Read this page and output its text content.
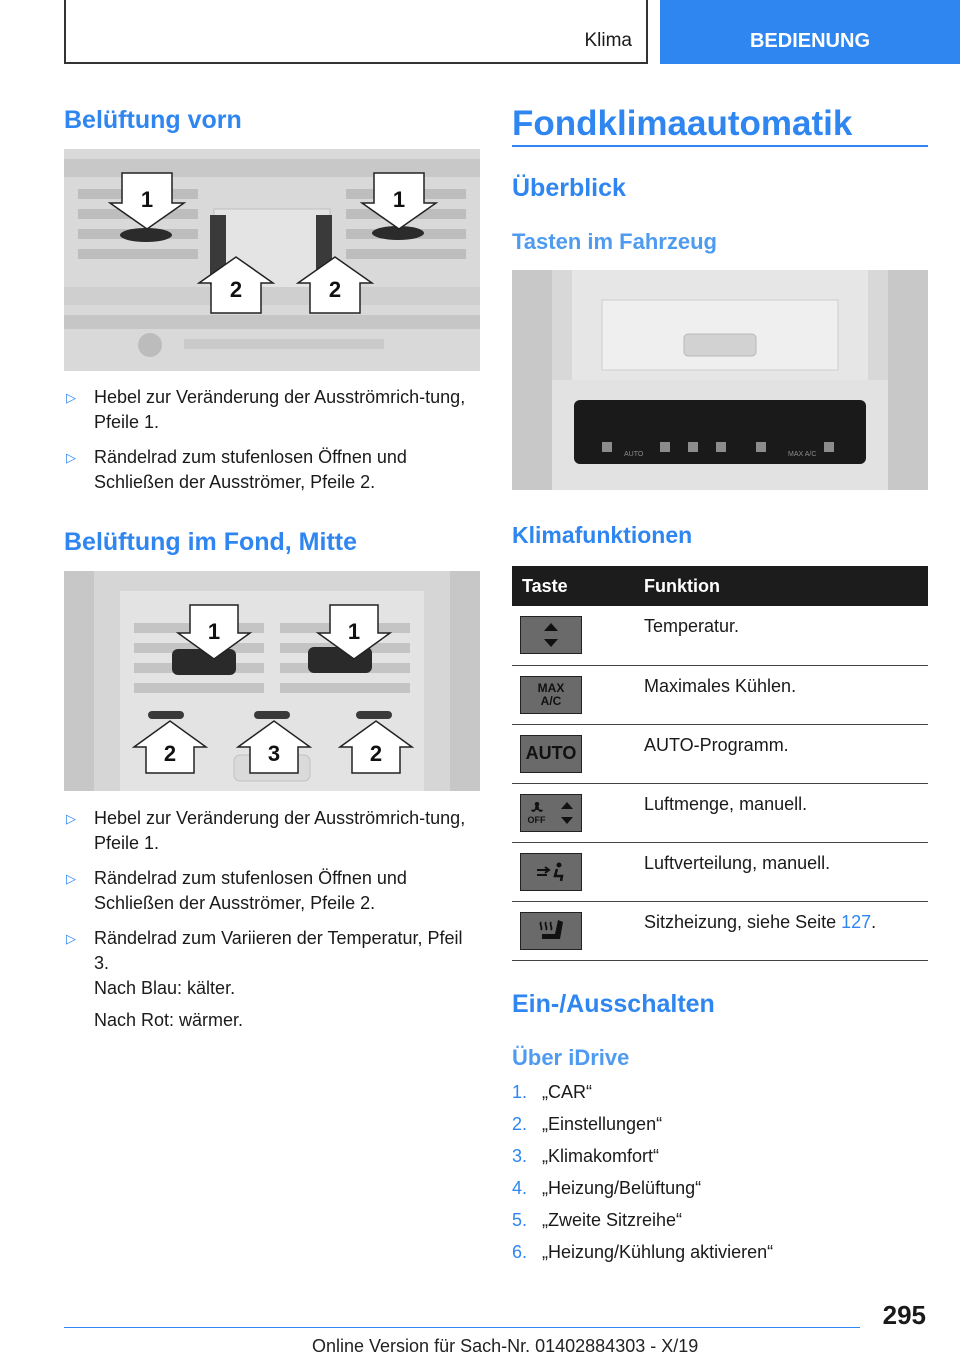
Klima	BEDIENUNG
Belüftung vorn
1	1
2	2
▷ Hebel zur Veränderung der Ausströmrich-tung, Pfeile 1.
▷ Rändelrad zum stufenlosen Öffnen und Schließen der Ausströmer, Pfeile 2.
Belüftung im Fond, Mitte
1	1
2	3	2
▷ Hebel zur Veränderung der Ausströmrich-tung, Pfeile 1.
▷ Rändelrad zum stufenlosen Öffnen und Schließen der Ausströmer, Pfeile 2.
▷ Rändelrad zum Variieren der Temperatur, Pfeil 3.
Nach Blau: kälter.
Nach Rot: wärmer.
Fondklimaautomatik
Überblick
Tasten im Fahrzeug
AUTO	MAX A/C
Klimafunktionen
Taste	Funktion

	Temperatur.

MAX A/C	Maximales Kühlen.

AUTO	AUTO-Programm.

OFF	Luftmenge, manuell.

	Luftverteilung, manuell.

	Sitzheizung, siehe Seite 127.
Ein-/Ausschalten
Über iDrive
1. „CAR“
2. „Einstellungen“
3. „Klimakomfort“
4. „Heizung/Belüftung“
5. „Zweite Sitzreihe“
6. „Heizung/Kühlung aktivieren“
295
Online Version für Sach-Nr. 01402884303 - X/19
